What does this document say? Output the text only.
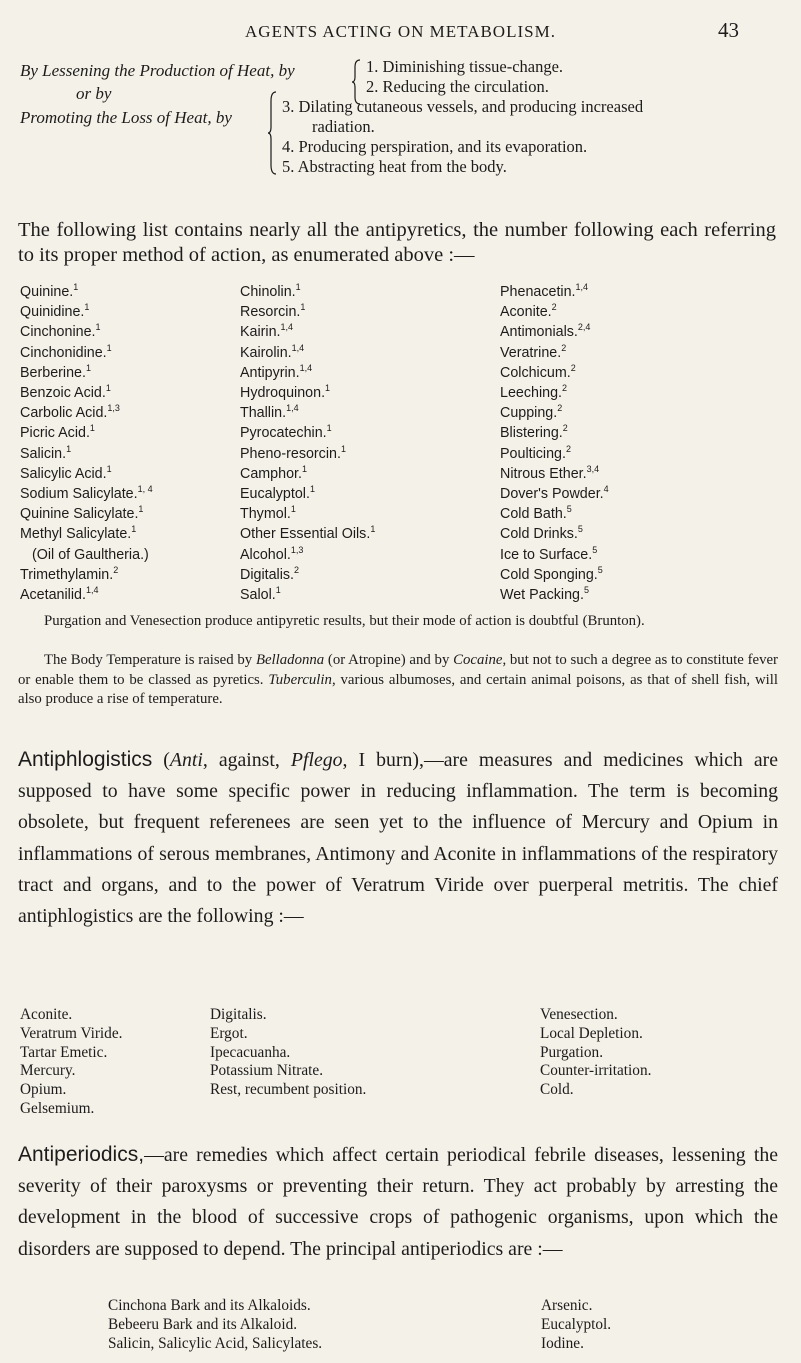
AGENTS ACTING ON METABOLISM.	43
By Lessening the Production of Heat, by
or by
Promoting the Loss of Heat, by
1. Diminishing tissue-change.
2. Reducing the circulation.
3. Dilating cutaneous vessels, and producing increased
radiation.
4. Producing perspiration, and its evaporation.
5. Abstracting heat from the body.

The following list contains nearly all the antipyretics, the number following each referring to its proper method of action, as enumerated above :—

Quinine.$^1$
Quinidine.$^1$
Cinchonine.$^1$
Cinchonidine.$^1$
Berberine.$^1$
Benzoic Acid.$^1$
Carbolic Acid.$^{1,3}$
Picric Acid.$^1$
Salicin.$^1$
Salicylic Acid.$^1$
Sodium Salicylate.$^{1, 4}$
Quinine Salicylate.$^1$
Methyl Salicylate.$^1$
(Oil of Gaultheria.)
Trimethylamin.$^2$
Acetanilid.$^{1,4}$
Chinolin.$^1$
Resorcin.$^1$
Kairin.$^{1,4}$
Kairolin.$^{1,4}$
Antipyrin.$^{1,4}$
Hydroquinon.$^1$
Thallin.$^{1,4}$
Pyrocatechin.$^1$
Pheno-resorcin.$^1$
Camphor.$^1$
Eucalyptol.$^1$
Thymol.$^1$
Other Essential Oils.$^1$
Alcohol.$^{1,3}$
Digitalis.$^2$
Salol.$^1$
Phenacetin.$^{1,4}$
Aconite.$^2$
Antimonials.$^{2,4}$
Veratrine.$^2$
Colchicum.$^2$
Leeching.$^2$
Cupping.$^2$
Blistering.$^2$
Poulticing.$^2$
Nitrous Ether.$^{3,4}$
Dover's Powder.$^4$
Cold Bath.$^5$
Cold Drinks.$^5$
Ice to Surface.$^5$
Cold Sponging.$^5$
Wet Packing.$^5$

Purgation and Venesection produce antipyretic results, but their mode of action is doubtful (Brunton).

The Body Temperature is raised by Belladonna (or Atropine) and by Cocaine, but not to such a degree as to constitute fever or enable them to be classed as pyretics. Tuberculin, various albumoses, and certain animal poisons, as that of shell fish, will also produce a rise of temperature.

Antiphlogistics (Anti, against, Pflego, I burn),—are measures and medicines which are supposed to have some specific power in reducing inflammation. The term is becoming obsolete, but frequent referenees are seen yet to the influence of Mercury and Opium in inflammations of serous membranes, Antimony and Aconite in inflammations of the respiratory tract and organs, and to the power of Veratrum Viride over puerperal metritis. The chief antiphlogistics are the following :—

Aconite.
Veratrum Viride.
Tartar Emetic.
Mercury.
Opium.
Gelsemium.
Digitalis.
Ergot.
Ipecacuanha.
Potassium Nitrate.
Rest, recumbent position.
Venesection.
Local Depletion.
Purgation.
Counter-irritation.
Cold.

Antiperiodics,—are remedies which affect certain periodical febrile diseases, lessening the severity of their paroxysms or preventing their return. They act probably by arresting the development in the blood of successive crops of pathogenic organisms, upon which the disorders are supposed to depend. The principal antiperiodics are :—

Cinchona Bark and its Alkaloids.
Bebeeru Bark and its Alkaloid.
Salicin, Salicylic Acid, Salicylates.
Arsenic.
Eucalyptol.
Iodine.
